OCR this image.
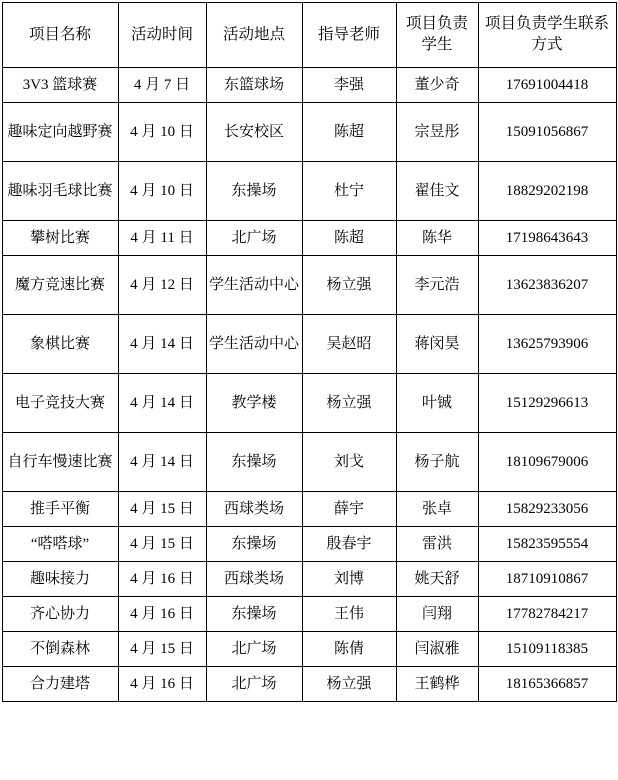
项目名称	活动时间	活动地点	指导老师	项目负责学生	项目负责学生联系方式
3V3 篮球赛	4 月 7 日	东篮球场	李强	董少奇	17691004418
趣味定向越野赛	4 月 10 日	长安校区	陈超	宗昱彤	15091056867
趣味羽毛球比赛	4 月 10 日	东操场	杜宁	翟佳文	18829202198
攀树比赛	4 月 11 日	北广场	陈超	陈华	17198643643
魔方竞速比赛	4 月 12 日	学生活动中心	杨立强	李元浩	13623836207
象棋比赛	4 月 14 日	学生活动中心	吴赵昭	蒋闵昊	13625793906
电子竞技大赛	4 月 14 日	教学楼	杨立强	叶铖	15129296613
自行车慢速比赛	4 月 14 日	东操场	刘戈	杨子航	18109679006
推手平衡	4 月 15 日	西球类场	薛宇	张卓	15829233056
“嗒嗒球”	4 月 15 日	东操场	殷春宇	雷洪	15823595554
趣味接力	4 月 16 日	西球类场	刘博	姚天舒	18710910867
齐心协力	4 月 16 日	东操场	王伟	闫翔	17782784217
不倒森林	4 月 15 日	北广场	陈倩	闫淑雅	15109118385
合力建塔	4 月 16 日	北广场	杨立强	王鹤桦	18165366857
